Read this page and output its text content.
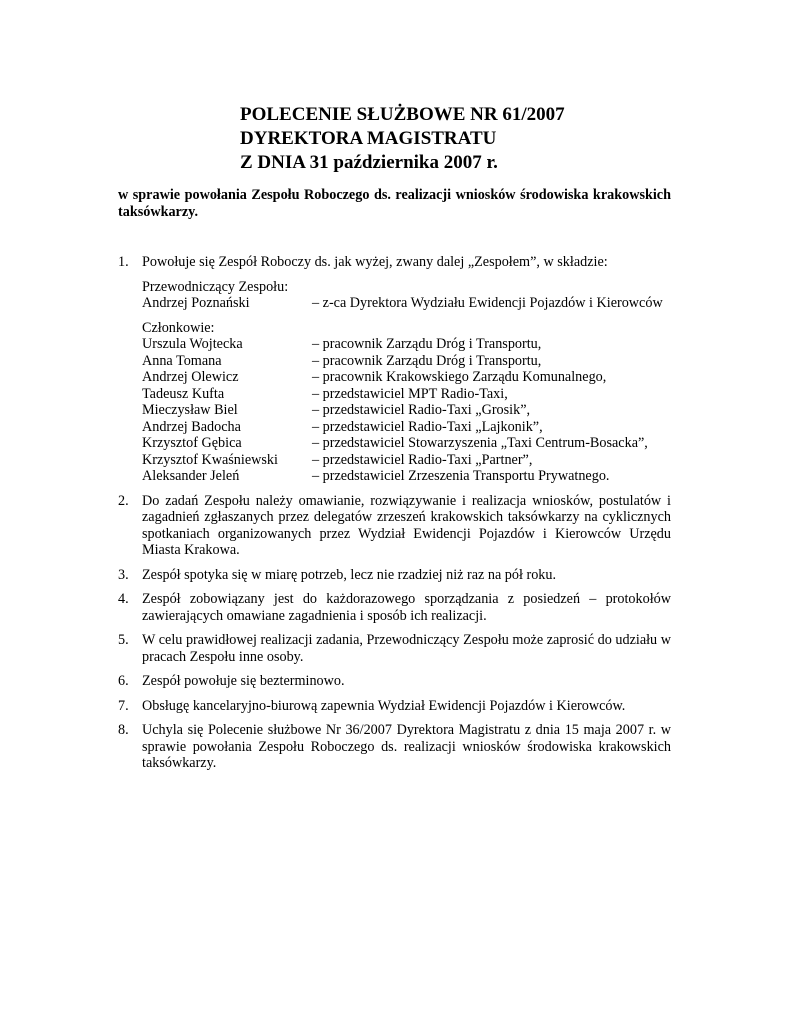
POLECENIE SŁUŻBOWE NR 61/2007
DYREKTORA MAGISTRATU
Z DNIA 31 października 2007 r.
w sprawie powołania Zespołu Roboczego ds. realizacji wniosków środowiska krakowskich taksówkarzy.
1. Powołuje się Zespół Roboczy ds. jak wyżej, zwany dalej „Zespołem”, w składzie:
Przewodniczący Zespołu:
Andrzej Poznański	– z-ca Dyrektora Wydziału Ewidencji Pojazdów i Kierowców
Członkowie:
Urszula Wojtecka	– pracownik Zarządu Dróg i Transportu,
Anna Tomana	– pracownik Zarządu Dróg i Transportu,
Andrzej Olewicz	– pracownik Krakowskiego Zarządu Komunalnego,
Tadeusz Kufta	– przedstawiciel MPT Radio-Taxi,
Mieczysław Biel	– przedstawiciel Radio-Taxi „Grosik”,
Andrzej Badocha	– przedstawiciel Radio-Taxi „Lajkonik”,
Krzysztof Gębica	– przedstawiciel Stowarzyszenia „Taxi Centrum-Bosacka”,
Krzysztof Kwaśniewski	– przedstawiciel Radio-Taxi „Partner”,
Aleksander Jeleń	– przedstawiciel Zrzeszenia Transportu Prywatnego.
2. Do zadań Zespołu należy omawianie, rozwiązywanie i realizacja wniosków, postulatów i zagadnień zgłaszanych przez delegatów zrzeszeń krakowskich taksówkarzy na cyklicznych spotkaniach organizowanych przez Wydział Ewidencji Pojazdów i Kierowców Urzędu Miasta Krakowa.
3. Zespół spotyka się w miarę potrzeb, lecz nie rzadziej niż raz na pół roku.
4. Zespół zobowiązany jest do każdorazowego sporządzania z posiedzeń – protokołów zawierających omawiane zagadnienia i sposób ich realizacji.
5. W celu prawidłowej realizacji zadania, Przewodniczący Zespołu może zaprosić do udziału w pracach Zespołu inne osoby.
6. Zespół powołuje się bezterminowo.
7. Obsługę kancelaryjno-biurową zapewnia Wydział Ewidencji Pojazdów i Kierowców.
8. Uchyla się Polecenie służbowe Nr 36/2007 Dyrektora Magistratu z dnia 15 maja 2007 r. w sprawie powołania Zespołu Roboczego ds. realizacji wniosków środowiska krakowskich taksówkarzy.
